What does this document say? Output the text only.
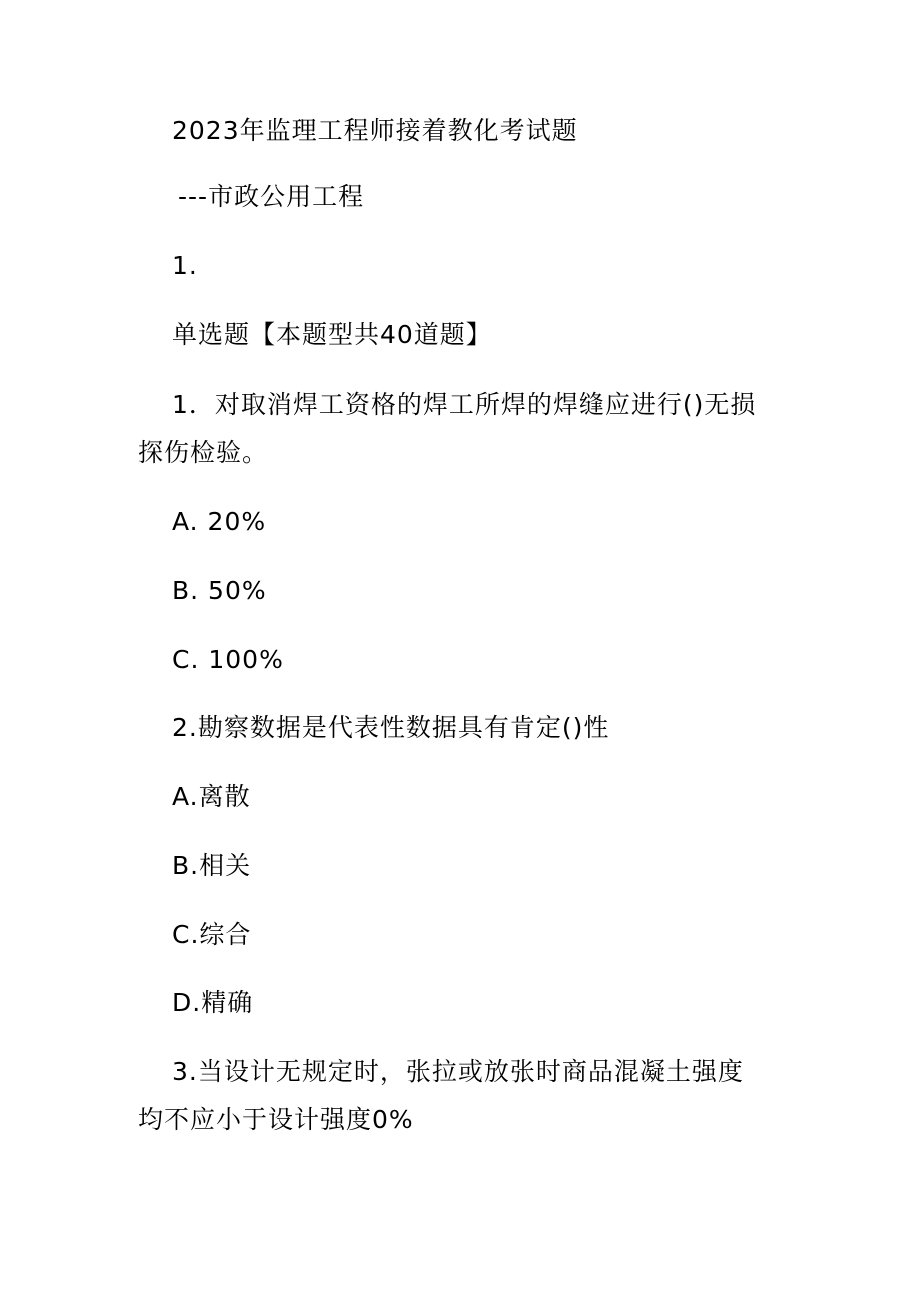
2023年监理工程师接着教化考试题
---市政公用工程
1.
单选题【本题型共40道题】
1．对取消焊工资格的焊工所焊的焊缝应进行()无损探伤检验。
A. 20%
B. 50%
C. 100%
2.勘察数据是代表性数据具有肯定()性
A.离散
B.相关
C.综合
D.精确
3.当设计无规定时，张拉或放张时商品混凝土强度 均不应小于设计强度0%
